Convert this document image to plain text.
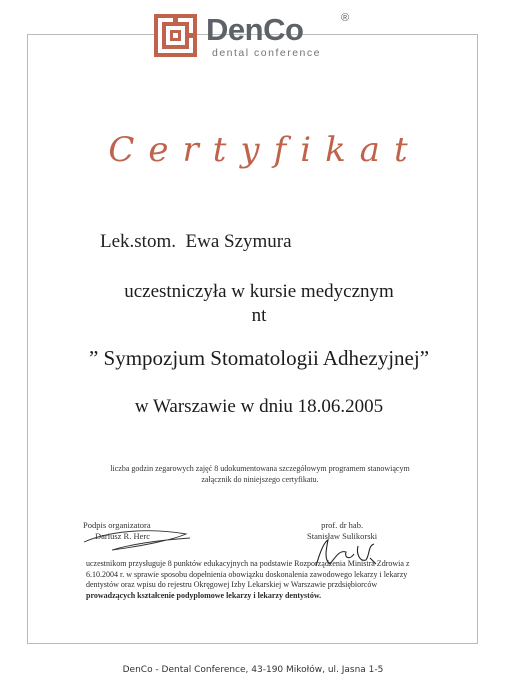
DenCo	®
dental conference
Certyfikat
Lek.stom.  Ewa Szymura
uczestniczyła w kursie medycznym
nt
” Sympozjum Stomatologii Adhezyjnej”
w Warszawie w dniu 18.06.2005
liczba godzin zegarowych zajęć 8 udokumentowana szczegółowym programem stanowiącym
załącznik do niniejszego certyfikatu.
Podpis organizatora
Dariusz R. Herc
prof. dr hab.
Stanisław Sulikorski
uczestnikom przysługuje 8 punktów edukacyjnych na podstawie Rozporządzenia Ministra Zdrowia z 6.10.2004 r. w sprawie sposobu dopełnienia obowiązku doskonalenia zawodowego lekarzy i lekarzy dentystów oraz wpisu do rejestru Okręgowej Izby Lekarskiej w Warszawie przdsiębiorców prowadzących kształcenie podyplomowe lekarzy i lekarzy dentystów.
DenCo - Dental Conference, 43-190 Mikołów, ul. Jasna 1-5
